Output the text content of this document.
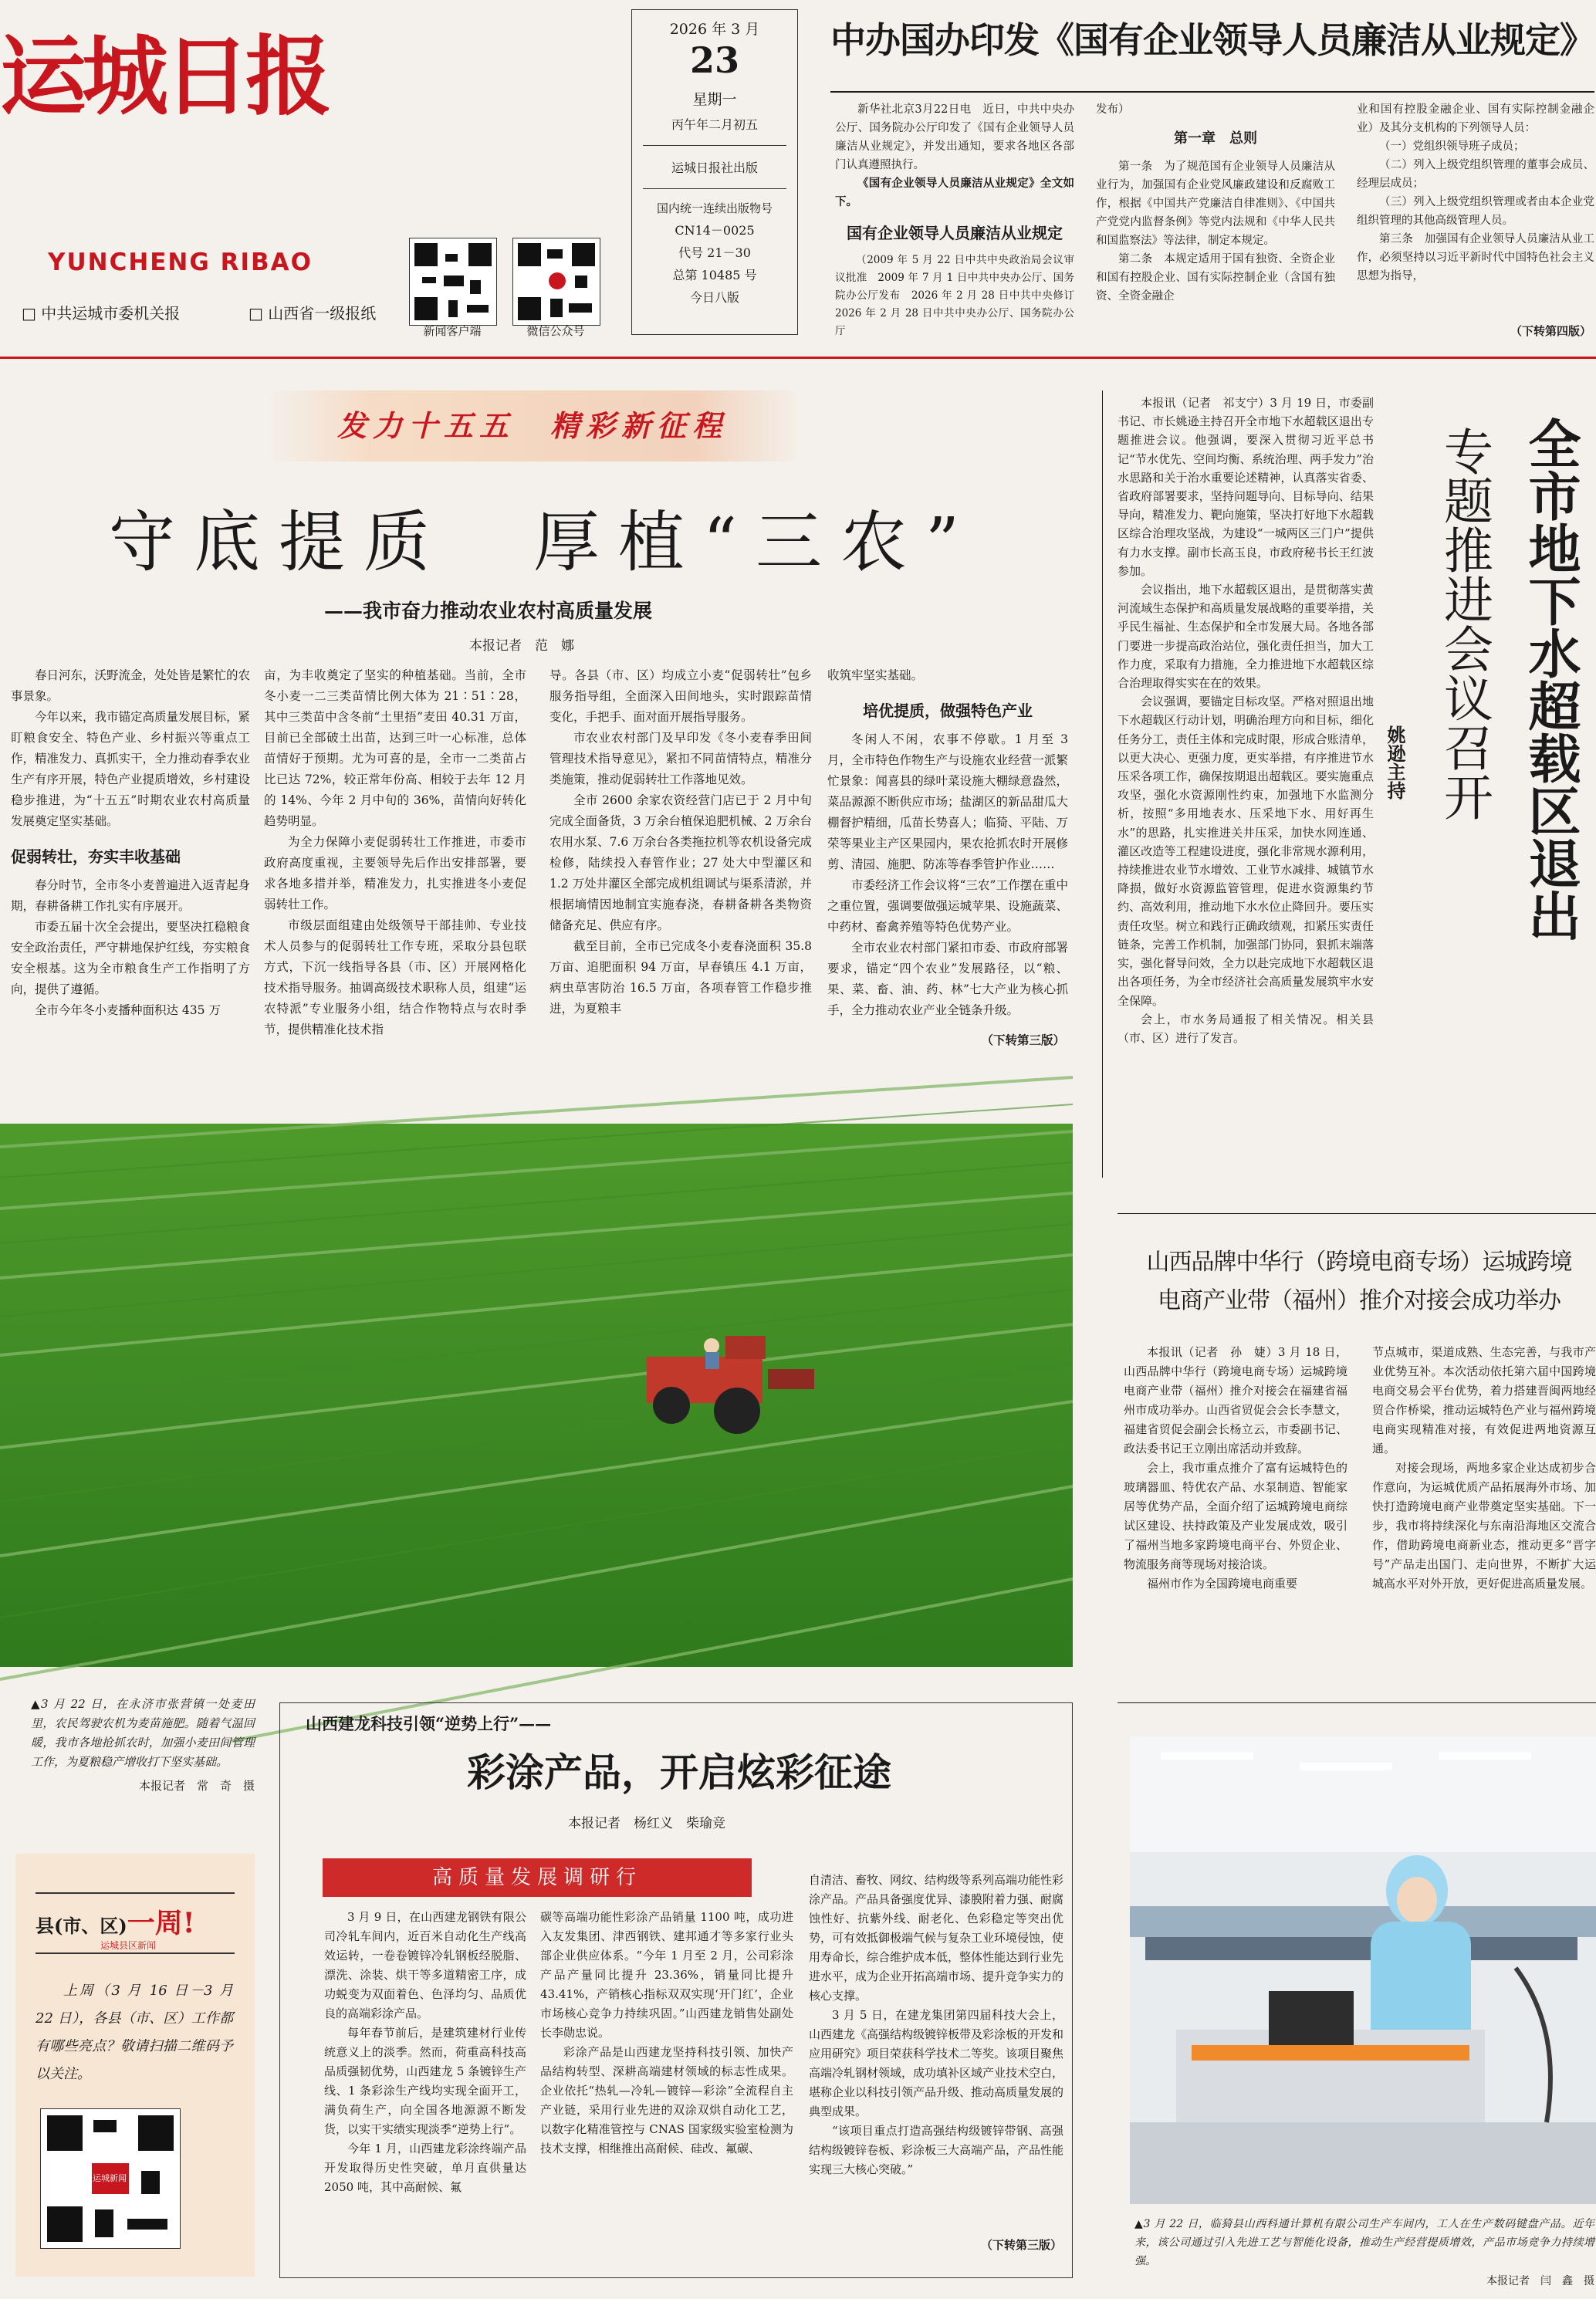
运城日报
YUNCHENG RIBAO
□ 中共运城市委机关报	□ 山西省一级报纸
2026 年 3 月
23
星期一
丙午年二月初五
运城日报社出版
国内统一连续出版物号
CN14－0025
代号 21－30
总第 10485 号
今日八版
新闻客户端	微信公众号
中办国办印发《国有企业领导人员廉洁从业规定》

新华社北京3月22日电　近日，中共中央办公厅、国务院办公厅印发了《国有企业领导人员廉洁从业规定》，并发出通知，要求各地区各部门认真遵照执行。

《国有企业领导人员廉洁从业规定》全文如下。

国有企业领导人员廉洁从业规定

（2009 年 5 月 22 日中共中央政治局会议审议批准　2009 年 7 月 1 日中共中央办公厅、国务院办公厅发布　2026 年 2 月 28 日中共中央修订　2026 年 2 月 28 日中共中央办公厅、国务院办公厅

发布）
第一章　总则

第一条　为了规范国有企业领导人员廉洁从业行为，加强国有企业党风廉政建设和反腐败工作，根据《中国共产党廉洁自律准则》、《中国共产党党内监督条例》等党内法规和《中华人民共和国监察法》等法律，制定本规定。

第二条　本规定适用于国有独资、全资企业和国有控股企业、国有实际控制企业（含国有独资、全资金融企

业和国有控股金融企业、国有实际控制金融企业）及其分支机构的下列领导人员：

（一）党组织领导班子成员；

（二）列入上级党组织管理的董事会成员、经理层成员；

（三）列入上级党组织管理或者由本企业党组织管理的其他高级管理人员。

第三条　加强国有企业领导人员廉洁从业工作，必须坚持以习近平新时代中国特色社会主义思想为指导，

（下转第四版）
发力十五五　精彩新征程
守底提质　厚植“三农”
——我市奋力推动农业农村高质量发展
本报记者　范　娜

春日河东，沃野流金，处处皆是繁忙的农事景象。

今年以来，我市锚定高质量发展目标，紧盯粮食安全、特色产业、乡村振兴等重点工作，精准发力、真抓实干，全力推动春季农业生产有序开展，特色产业提质增效，乡村建设稳步推进，为“十五五”时期农业农村高质量发展奠定坚实基础。

促弱转壮，夯实丰收基础

春分时节，全市冬小麦普遍进入返青起身期，春耕备耕工作扎实有序展开。

市委五届十次全会提出，要坚决扛稳粮食安全政治责任，严守耕地保护红线，夯实粮食安全根基。这为全市粮食生产工作指明了方向，提供了遵循。

全市今年冬小麦播种面积达 435 万

亩，为丰收奠定了坚实的种植基础。当前，全市冬小麦一二三类苗情比例大体为 21∶51∶28，其中三类苗中含冬前“土里捂”麦田 40.31 万亩，目前已全部破土出苗，达到三叶一心标准，总体苗情好于预期。尤为可喜的是，全市一二类苗占比已达 72%，较正常年份高、相较于去年 12 月的 14%、今年 2 月中旬的 36%，苗情向好转化趋势明显。

为全力保障小麦促弱转壮工作推进，市委市政府高度重视，主要领导先后作出安排部署，要求各地多措并举，精准发力，扎实推进冬小麦促弱转壮工作。

市级层面组建由处级领导干部挂帅、专业技术人员参与的促弱转壮工作专班，采取分县包联方式，下沉一线指导各县（市、区）开展网格化技术指导服务。抽调高级技术职称人员，组建“运农特派”专业服务小组，结合作物特点与农时季节，提供精准化技术指

导。各县（市、区）均成立小麦“促弱转壮”包乡服务指导组，全面深入田间地头，实时跟踪苗情变化，手把手、面对面开展指导服务。

市农业农村部门及早印发《冬小麦春季田间管理技术指导意见》，紧扣不同苗情特点，精准分类施策，推动促弱转壮工作落地见效。

全市 2600 余家农资经营门店已于 2 月中旬完成全面备货，3 万余台植保追肥机械、2 万余台农用水泵、7.6 万余台各类拖拉机等农机设备完成检修，陆续投入春管作业；27 处大中型灌区和 1.2 万处井灌区全部完成机组调试与渠系清淤，并根据墒情因地制宜实施春浇，春耕备耕各类物资储备充足、供应有序。

截至目前，全市已完成冬小麦春浇面积 35.8 万亩、追肥面积 94 万亩，早春镇压 4.1 万亩，病虫草害防治 16.5 万亩，各项春管工作稳步推进，为夏粮丰

收筑牢坚实基础。

培优提质，做强特色产业

冬闲人不闲，农事不停歇。1 月至 3 月，全市特色作物生产与设施农业经营一派繁忙景象：闻喜县的绿叶菜设施大棚绿意盎然，菜品源源不断供应市场；盐湖区的新品甜瓜大棚督护精细，瓜苗长势喜人；临猗、平陆、万荣等果业主产区果园内，果农抢抓农时开展修剪、清园、施肥、防冻等春季管护作业……

市委经济工作会议将“三农”工作摆在重中之重位置，强调要做强运城苹果、设施蔬菜、中药材、畜禽养殖等特色优势产业。

全市农业农村部门紧扣市委、市政府部署要求，锚定“四个农业”发展路径，以“粮、果、菜、畜、油、药、林”七大产业为核心抓手，全力推动农业产业全链条升级。

（下转第三版）
全市地下水超载区退出
专题推进会议召开
姚逊主持

本报讯（记者　祁支宁）3 月 19 日，市委副书记、市长姚逊主持召开全市地下水超载区退出专题推进会议。他强调，要深入贯彻习近平总书记“节水优先、空间均衡、系统治理、两手发力”治水思路和关于治水重要论述精神，认真落实省委、省政府部署要求，坚持问题导向、目标导向、结果导向，精准发力、靶向施策，坚决打好地下水超载区综合治理攻坚战，为建设“一城两区三门户”提供有力水支撑。副市长高玉良，市政府秘书长王红波参加。

会议指出，地下水超载区退出，是贯彻落实黄河流域生态保护和高质量发展战略的重要举措，关乎民生福祉、生态保护和全市发展大局。各地各部门要进一步提高政治站位，强化责任担当，加大工作力度，采取有力措施，全力推进地下水超载区综合治理取得实实在在的效果。

会议强调，要锚定目标攻坚。严格对照退出地下水超载区行动计划，明确治理方向和目标，细化任务分工，责任主体和完成时限，形成合账清单，以更大决心、更强力度，更实举措，有序推进节水压采各项工作，确保按期退出超载区。要实施重点攻坚，强化水资源刚性约束，加强地下水监测分析，按照“多用地表水、压采地下水、用好再生水”的思路，扎实推进关井压采，加快水网连通、灌区改造等工程建设进度，强化非常规水源利用，持续推进农业节水增效、工业节水减排、城镇节水降损，做好水资源监管管理，促进水资源集约节约、高效利用，推动地下水水位止降回升。要压实责任攻坚。树立和践行正确政绩观，扣紧压实责任链条，完善工作机制，加强部门协同，狠抓末端落实，强化督导问效，全力以赴完成地下水超载区退出各项任务，为全市经济社会高质量发展筑牢水安全保障。

会上，市水务局通报了相关情况。相关县（市、区）进行了发言。

▲3 月 22 日，在永济市张营镇一处麦田里，农民驾驶农机为麦苗施肥。随着气温回暖，我市各地抢抓农时，加强小麦田间管理工作，为夏粮稳产增收打下坚实基础。
本报记者　常　奇　摄
县(市、区)一周!
运城县区新闻
上周（3 月 16 日－3 月 22 日），各县（市、区）工作都有哪些亮点？敬请扫描二维码予以关注。
运城新闻
山西建龙科技引领“逆势上行”——
彩涂产品，开启炫彩征途
本报记者　杨红义　柴瑜竞
高质量发展调研行

3 月 9 日，在山西建龙钢铁有限公司冷轧车间内，近百米自动化生产线高效运转，一卷卷镀锌冷轧钢板经脱脂、漂洗、涂装、烘干等多道精密工序，成功蜕变为双面着色、色泽均匀、品质优良的高端彩涂产品。

每年春节前后，是建筑建材行业传统意义上的淡季。然而，荷重高科技高品质强韧优势，山西建龙 5 条镀锌生产线、1 条彩涂生产线均实现全面开工，满负荷生产，向全国各地源源不断发货，以实干实绩实现淡季“逆势上行”。

今年 1 月，山西建龙彩涂终端产品开发取得历史性突破，单月直供量达 2050 吨，其中高耐候、氟

碳等高端功能性彩涂产品销量 1100 吨，成功进入友发集团、津西钢铁、建邦通才等多家行业头部企业供应体系。“今年 1 月至 2 月，公司彩涂产品产量同比提升 23.36%，销量同比提升 43.41%，产销核心指标双双实现‘开门红’，企业市场核心竞争力持续巩固。”山西建龙销售处副处长李勋忠说。

彩涂产品是山西建龙坚持科技引领、加快产品结构转型、深耕高端建材领域的标志性成果。企业依托“热轧—冷轧—镀锌—彩涂”全流程自主产业链，采用行业先进的双涂双烘自动化工艺，以数字化精准管控与 CNAS 国家级实验室检测为技术支撑，相继推出高耐候、硅改、氟碳、

自清洁、畜牧、网纹、结构级等系列高端功能性彩涂产品。产品具备强度优异、漆膜附着力强、耐腐蚀性好、抗紫外线、耐老化、色彩稳定等突出优势，可有效抵御极端气候与复杂工业环境侵蚀，使用寿命长，综合维护成本低，整体性能达到行业先进水平，成为企业开拓高端市场、提升竞争实力的核心支撑。

3 月 5 日，在建龙集团第四届科技大会上，山西建龙《高强结构级镀锌板带及彩涂板的开发和应用研究》项目荣获科学技术二等奖。该项目聚焦高端冷轧钢材领域，成功填补区域产业技术空白，堪称企业以科技引领产品升级、推动高质量发展的典型成果。

“该项目重点打造高强结构级镀锌带钢、高强结构级镀锌卷板、彩涂板三大高端产品，产品性能实现三大核心突破。”

（下转第三版）
山西品牌中华行（跨境电商专场）运城跨境
电商产业带（福州）推介对接会成功举办

本报讯（记者　孙　婕）3 月 18 日，山西品牌中华行（跨境电商专场）运城跨境电商产业带（福州）推介对接会在福建省福州市成功举办。山西省贸促会会长李慧文，福建省贸促会副会长杨立云，市委副书记、政法委书记王立刚出席活动并致辞。

会上，我市重点推介了富有运城特色的玻璃器皿、特优农产品、水泵制造、智能家居等优势产品，全面介绍了运城跨境电商综试区建设、扶持政策及产业发展成效，吸引了福州当地多家跨境电商平台、外贸企业、物流服务商等现场对接洽谈。

福州市作为全国跨境电商重要

节点城市，渠道成熟、生态完善，与我市产业优势互补。本次活动依托第六届中国跨境电商交易会平台优势，着力搭建晋闽两地经贸合作桥梁，推动运城特色产业与福州跨境电商实现精准对接，有效促进两地资源互通。

对接会现场，两地多家企业达成初步合作意向，为运城优质产品拓展海外市场、加快打造跨境电商产业带奠定坚实基础。下一步，我市将持续深化与东南沿海地区交流合作，借助跨境电商新业态，推动更多“晋字号”产品走出国门、走向世界，不断扩大运城高水平对外开放，更好促进高质量发展。

▲3 月 22 日，临猗县山西科通计算机有限公司生产车间内，工人在生产数码键盘产品。近年来，该公司通过引入先进工艺与智能化设备，推动生产经营提质增效，产品市场竞争力持续增强。
本报记者　闫　鑫　摄
